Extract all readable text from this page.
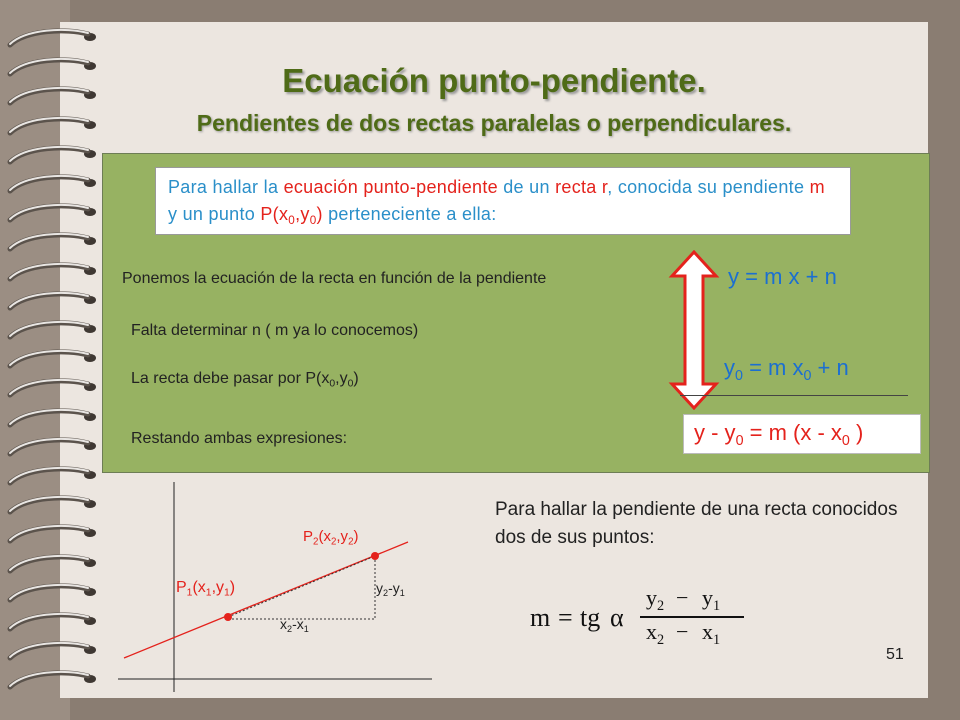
Ecuación punto-pendiente.
Pendientes de dos rectas paralelas o perpendiculares.
Para hallar la ecuación punto-pendiente de un recta r, conocida su pendiente m y un punto $P(x_0,y_0)$ perteneciente a ella:
Ponemos la ecuación de la recta en función de la pendiente
Falta determinar n ( m ya lo conocemos)
La recta debe pasar por $P(x_0,y_0)$
Restando ambas expresiones:
y = m x + n
$y_0 = m$ $x_0 + n$
$y - y_0 = m$ ($x - x_0$ )
$P_1(x_1,y_1)$
$P_2(x_2,y_2)$
$y_2-y_1$
$x_2-x_1$
Para hallar la pendiente de una recta conocidos dos de sus puntos:
m = tg α
$y_2 - y_1$
$x_2 - x_1$
51
